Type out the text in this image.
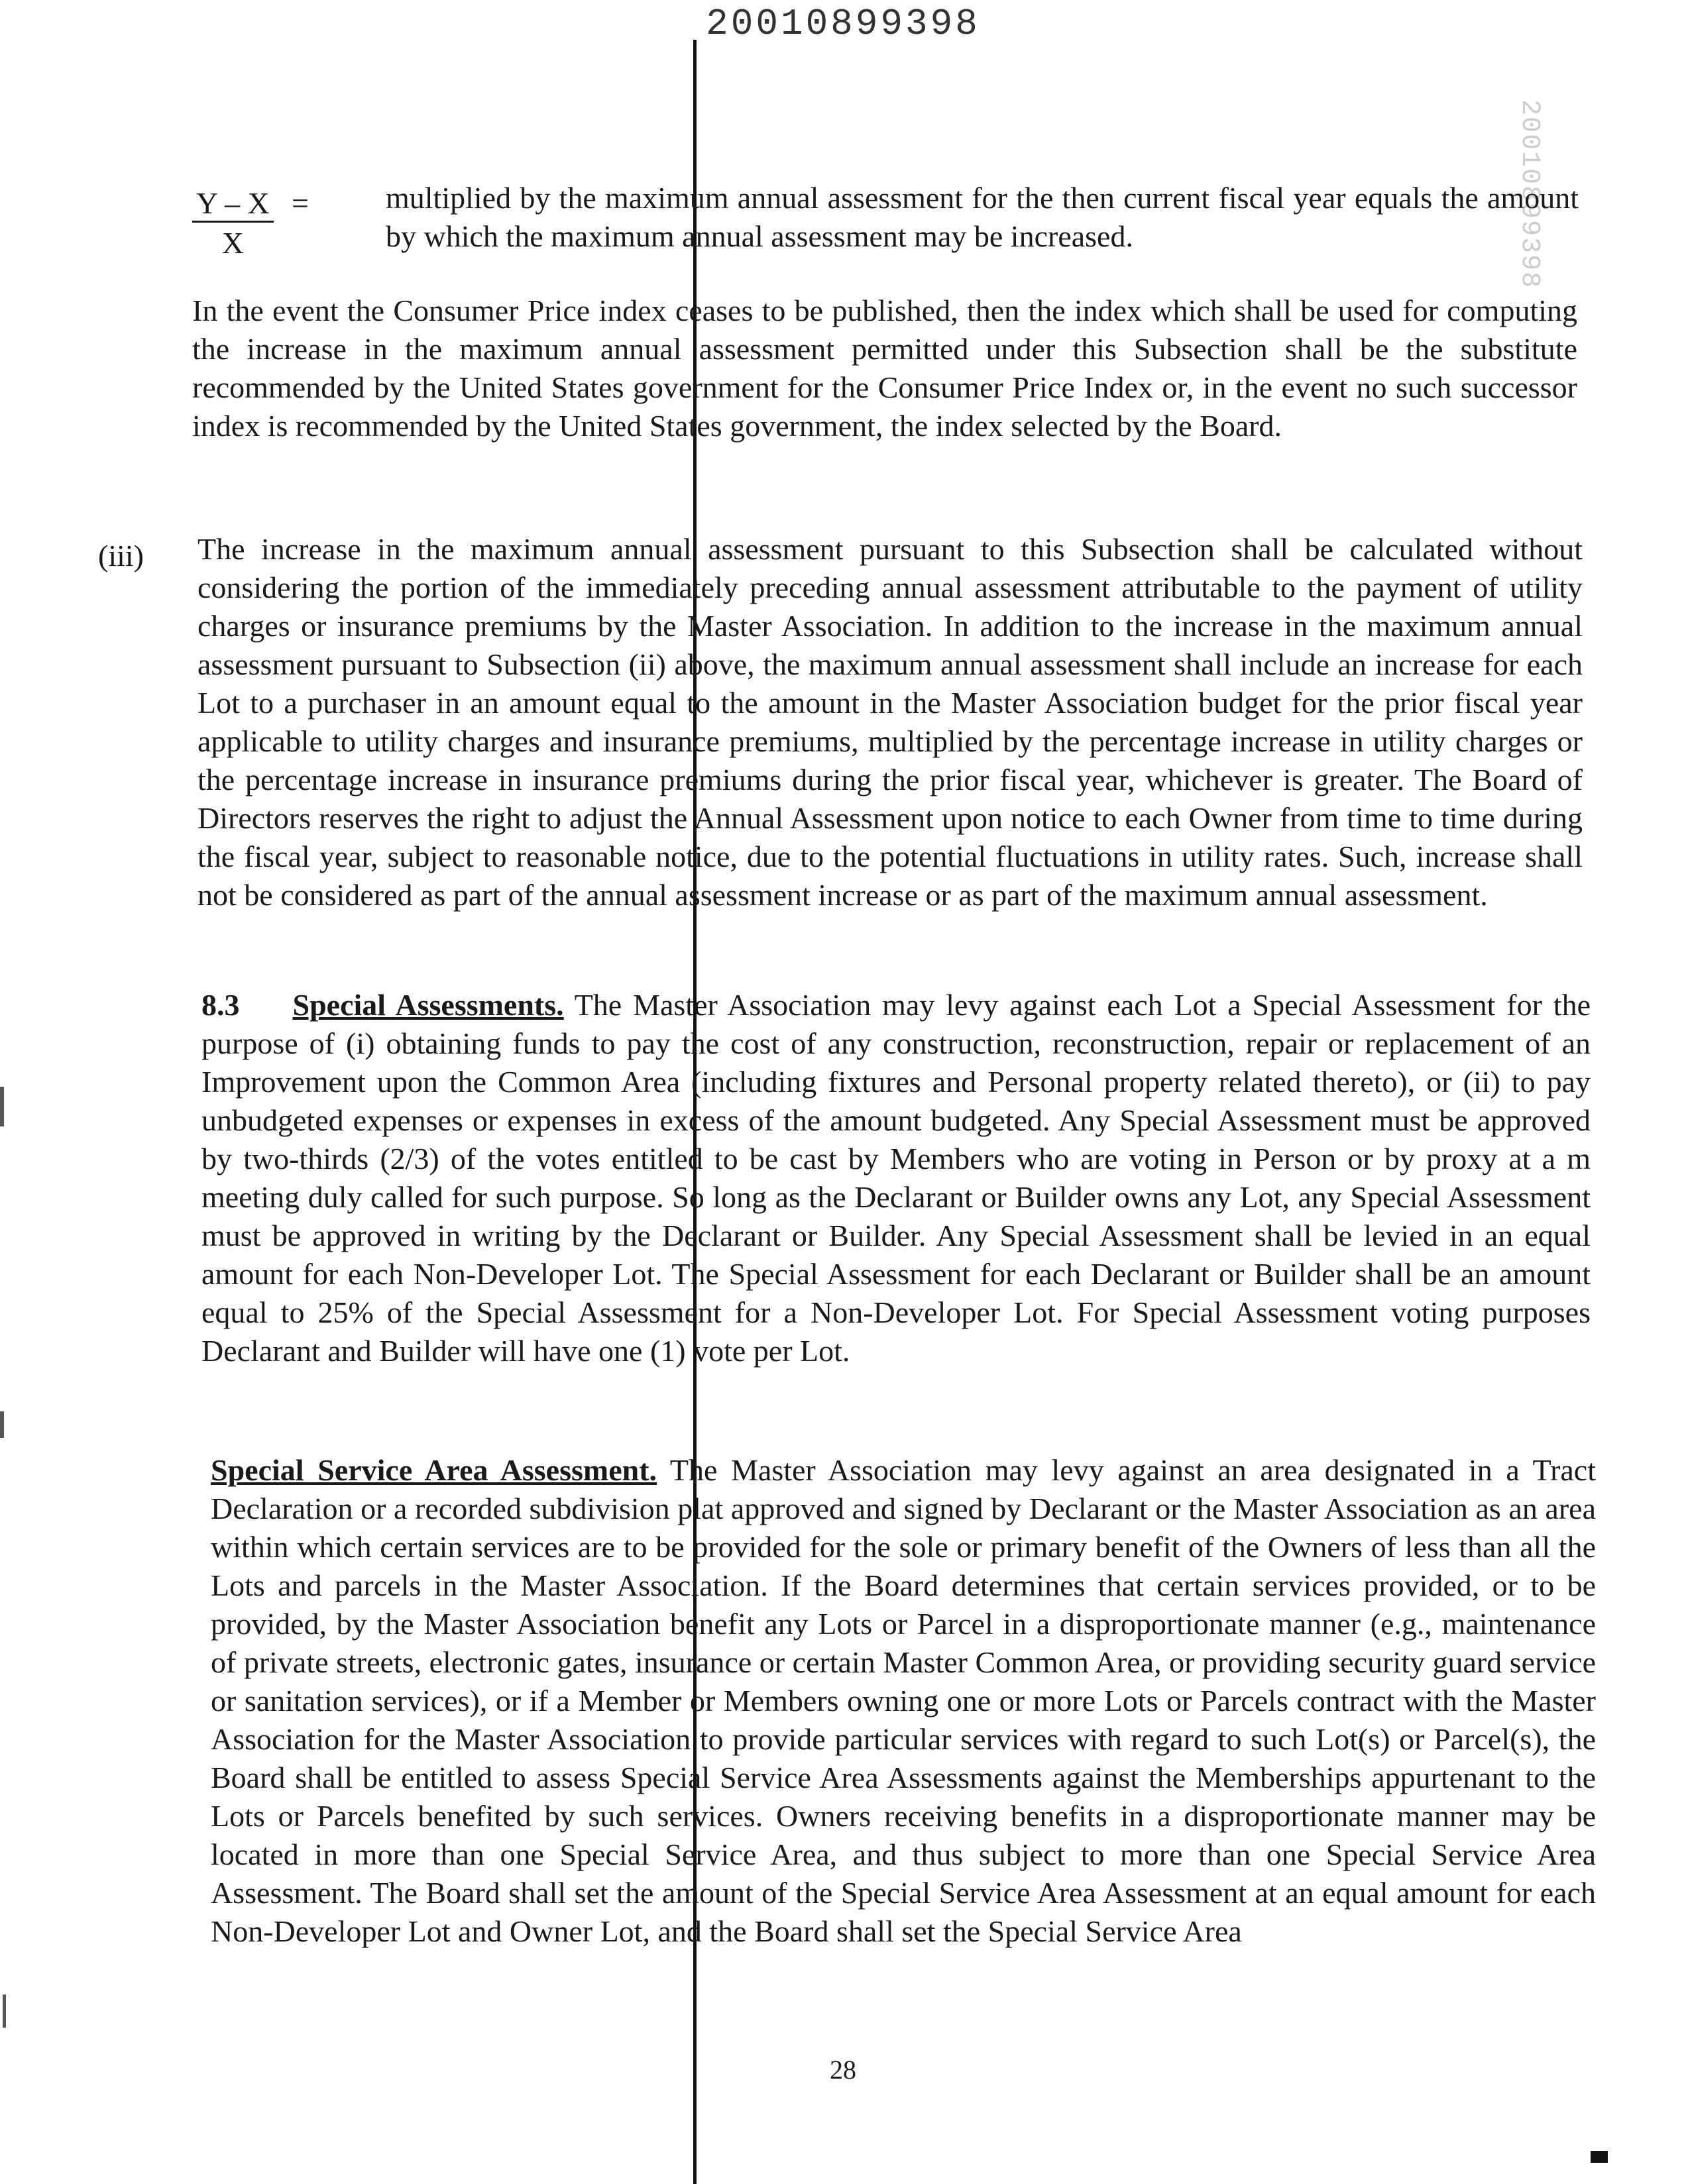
20010899398
20010899398
$\frac{Y - X}{X}$ =	multiplied by the maximum annual assessment for the then current fiscal year equals the amount by which the maximum annual assessment may be increased.
In the event the Consumer Price index ceases to be published, then the index which shall be used for computing the increase in the maximum annual assessment permitted under this Subsection shall be the substitute recommended by the United States government for the Consumer Price Index or, in the event no such successor index is recommended by the United States government, the index selected by the Board.
(iii) The increase in the maximum annual assessment pursuant to this Subsection shall be calculated without considering the portion of the immediately preceding annual assessment attributable to the payment of utility charges or insurance premiums by the Master Association. In addition to the increase in the maximum annual assessment pursuant to Subsection (ii) above, the maximum annual assessment shall include an increase for each Lot to a purchaser in an amount equal to the amount in the Master Association budget for the prior fiscal year applicable to utility charges and insurance premiums, multiplied by the percentage increase in utility charges or the percentage increase in insurance premiums during the prior fiscal year, whichever is greater. The Board of Directors reserves the right to adjust the Annual Assessment upon notice to each Owner from time to time during the fiscal year, subject to reasonable notice, due to the potential fluctuations in utility rates. Such, increase shall not be considered as part of the annual assessment increase or as part of the maximum annual assessment.
8.3 Special Assessments. The Master Association may levy against each Lot a Special Assessment for the purpose of (i) obtaining funds to pay the cost of any construction, reconstruction, repair or replacement of an Improvement upon the Common Area (including fixtures and Personal property related thereto), or (ii) to pay unbudgeted expenses or expenses in excess of the amount budgeted. Any Special Assessment must be approved by two-thirds (2/3) of the votes entitled to be cast by Members who are voting in Person or by proxy at a m meeting duly called for such purpose. So long as the Declarant or Builder owns any Lot, any Special Assessment must be approved in writing by the Declarant or Builder. Any Special Assessment shall be levied in an equal amount for each Non-Developer Lot. The Special Assessment for each Declarant or Builder shall be an amount equal to 25% of the Special Assessment for a Non-Developer Lot. For Special Assessment voting purposes Declarant and Builder will have one (1) vote per Lot.
Special Service Area Assessment. The Master Association may levy against an area designated in a Tract Declaration or a recorded subdivision plat approved and signed by Declarant or the Master Association as an area within which certain services are to be provided for the sole or primary benefit of the Owners of less than all the Lots and parcels in the Master Association. If the Board determines that certain services provided, or to be provided, by the Master Association benefit any Lots or Parcel in a disproportionate manner (e.g., maintenance of private streets, electronic gates, insurance or certain Master Common Area, or providing security guard service or sanitation services), or if a Member or Members owning one or more Lots or Parcels contract with the Master Association for the Master Association to provide particular services with regard to such Lot(s) or Parcel(s), the Board shall be entitled to assess Special Service Area Assessments against the Memberships appurtenant to the Lots or Parcels benefited by such services. Owners receiving benefits in a disproportionate manner may be located in more than one Special Service Area, and thus subject to more than one Special Service Area Assessment. The Board shall set the amount of the Special Service Area Assessment at an equal amount for each Non-Developer Lot and Owner Lot, and the Board shall set the Special Service Area
28
